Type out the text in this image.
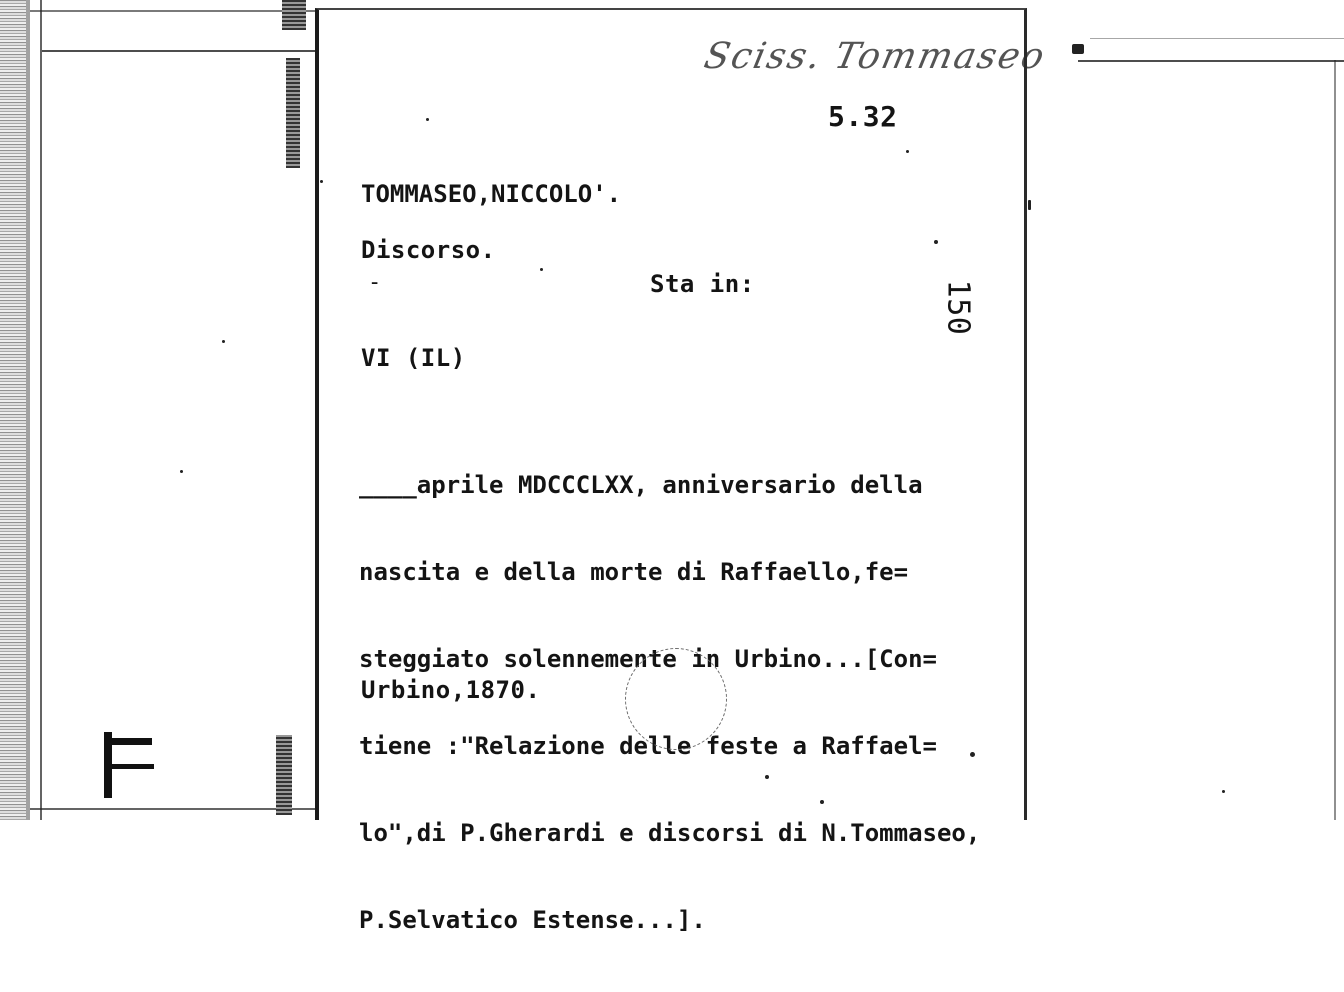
Sciss. Tommaseo
5.32
TOMMASEO,NICCOLO'.
Discorso.
-	Sta in:	150
VI (IL)

____aprile MDCCCLXX, anniversario della

nascita e della morte di Raffaello,fe=

steggiato solennemente in Urbino...[Con=

tiene :"Relazione delle feste a Raffael=

lo",di P.Gherardi e discorsi di N.Tommaseo,

P.Selvatico Estense...].

Urbino,1870.
